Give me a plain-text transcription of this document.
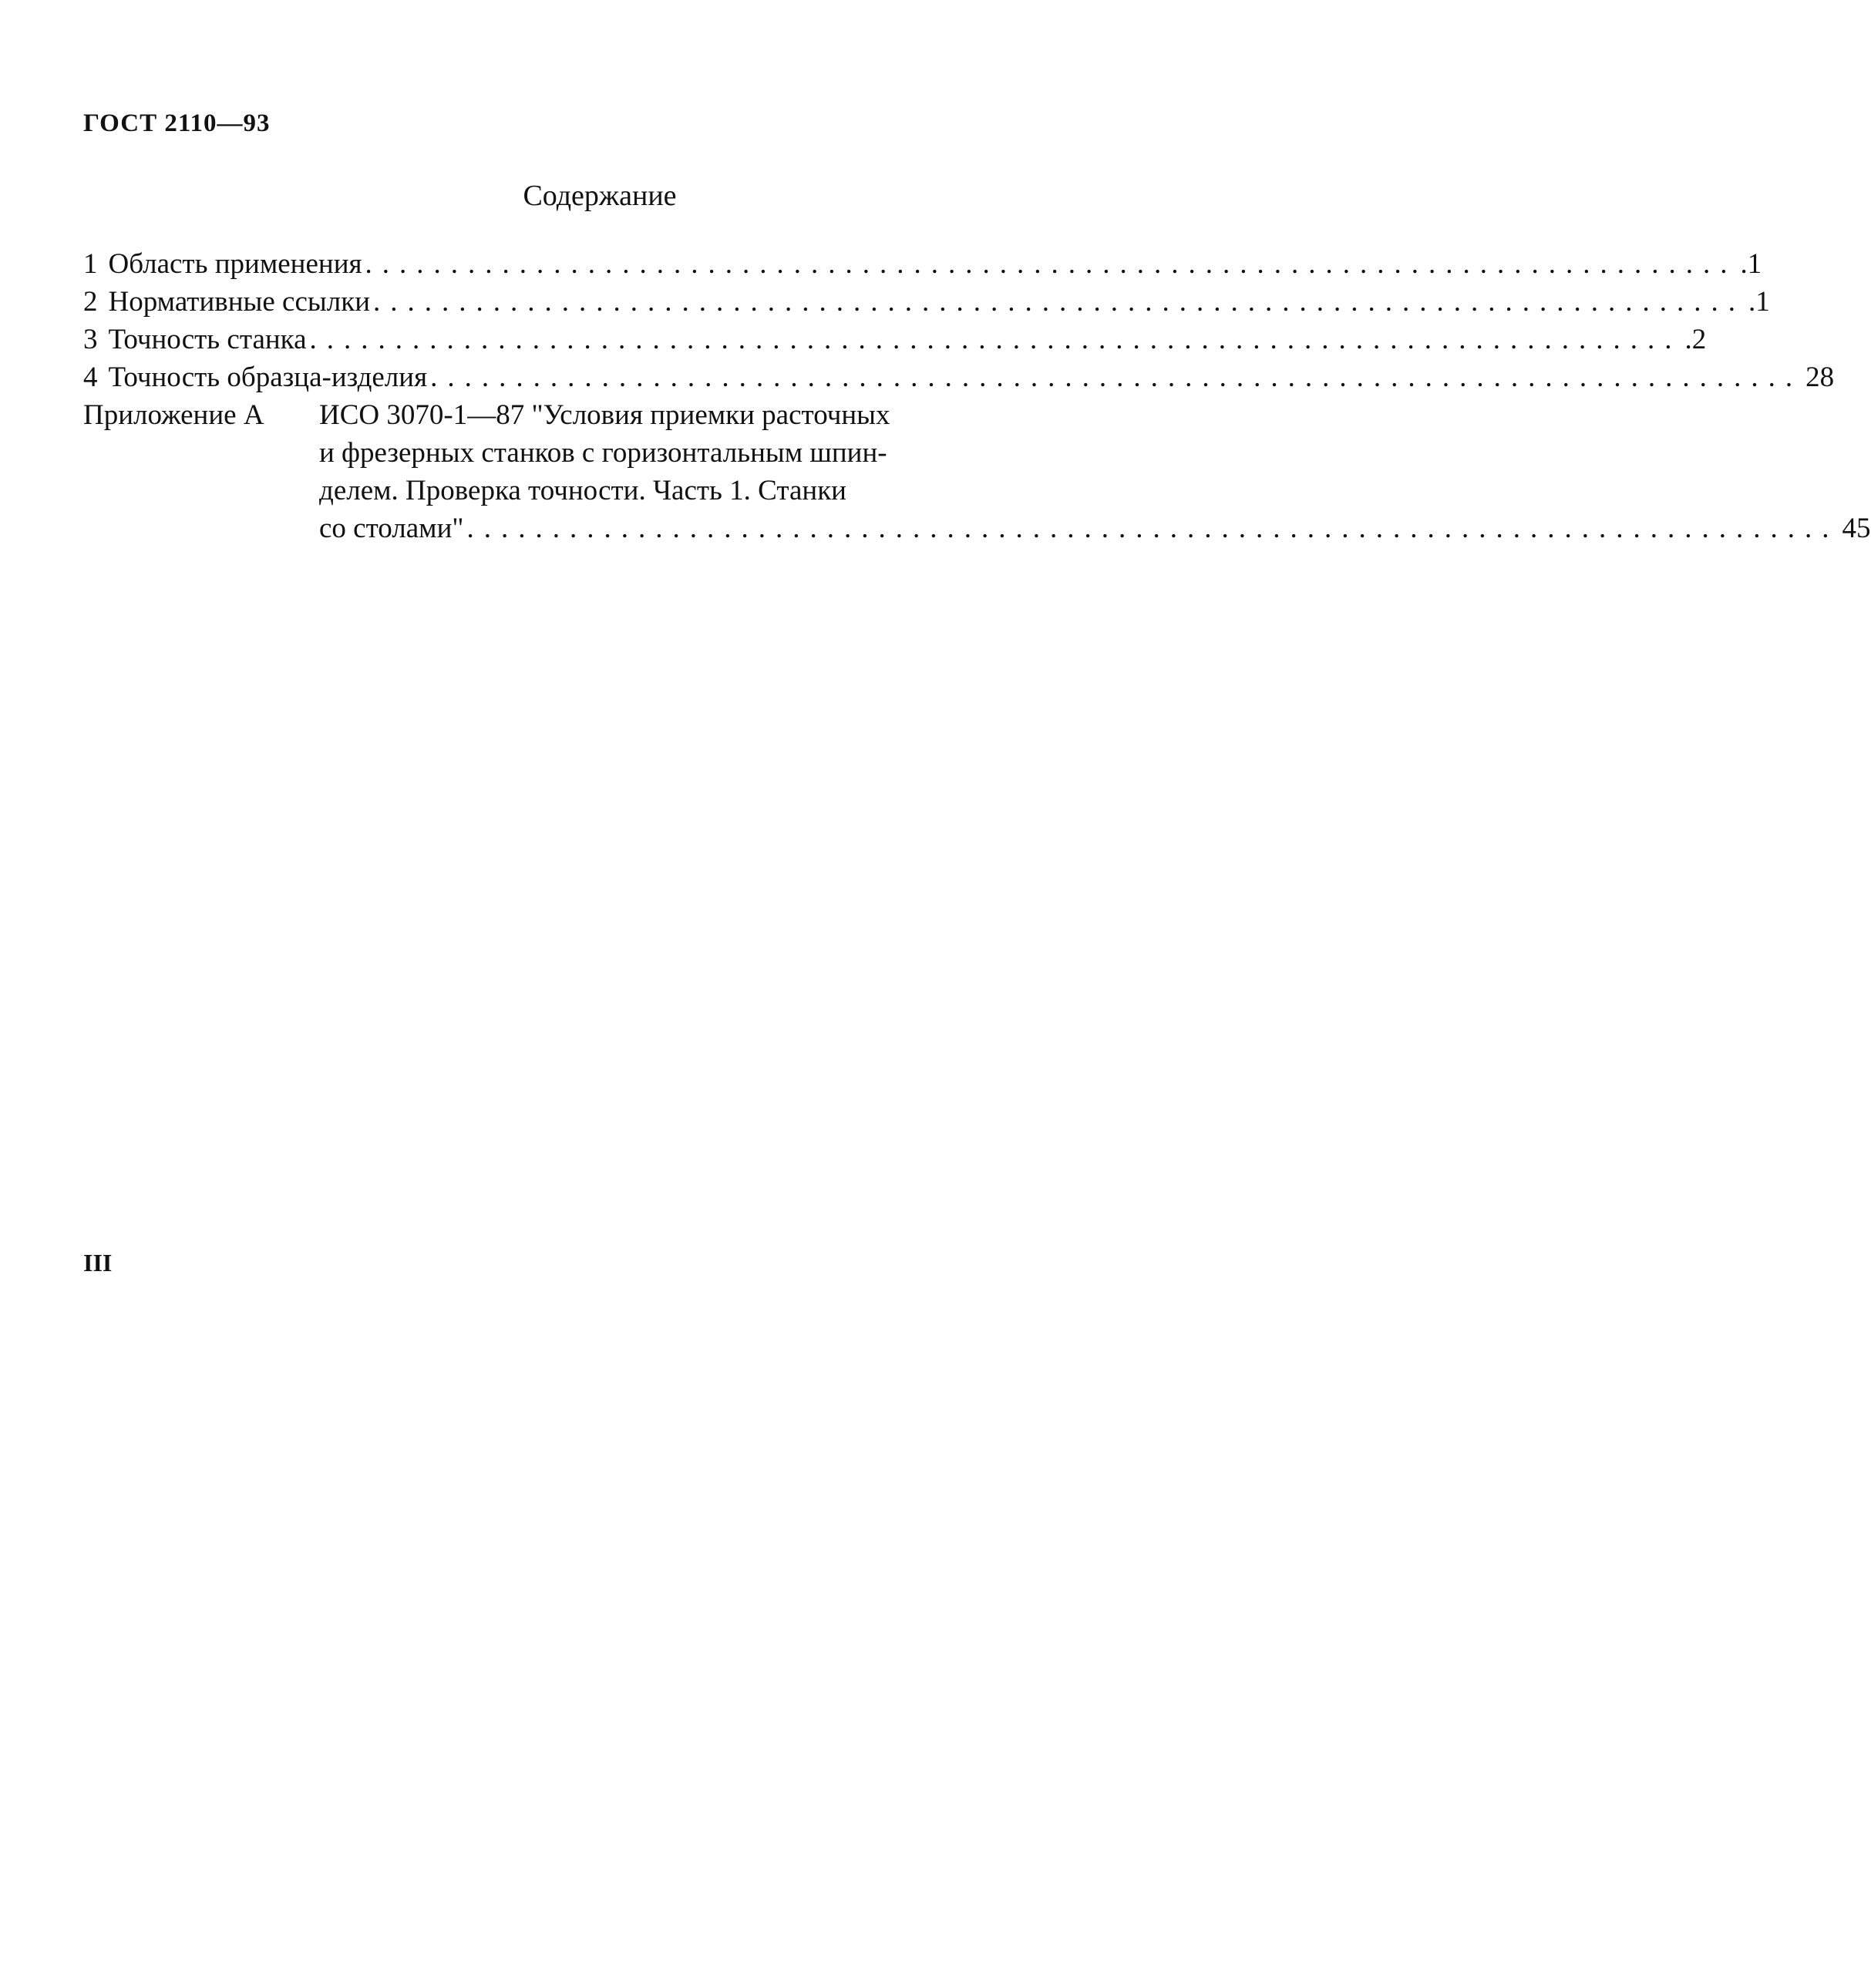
ГОСТ 2110—93
Содержание
1 Область применения ................................................................................ .1
2 Нормативные ссылки ................................................................................ .1
3 Точность станка ................................................................................ .2
4 Точность образца-изделия ................................................................................ 28
Приложение А	ИСО 3070-1—87 "Условия приемки расточных
и фрезерных станков с горизонтальным шпин-
делем. Проверка точности. Часть 1. Станки
со столами" ................................................................................ 45
III
